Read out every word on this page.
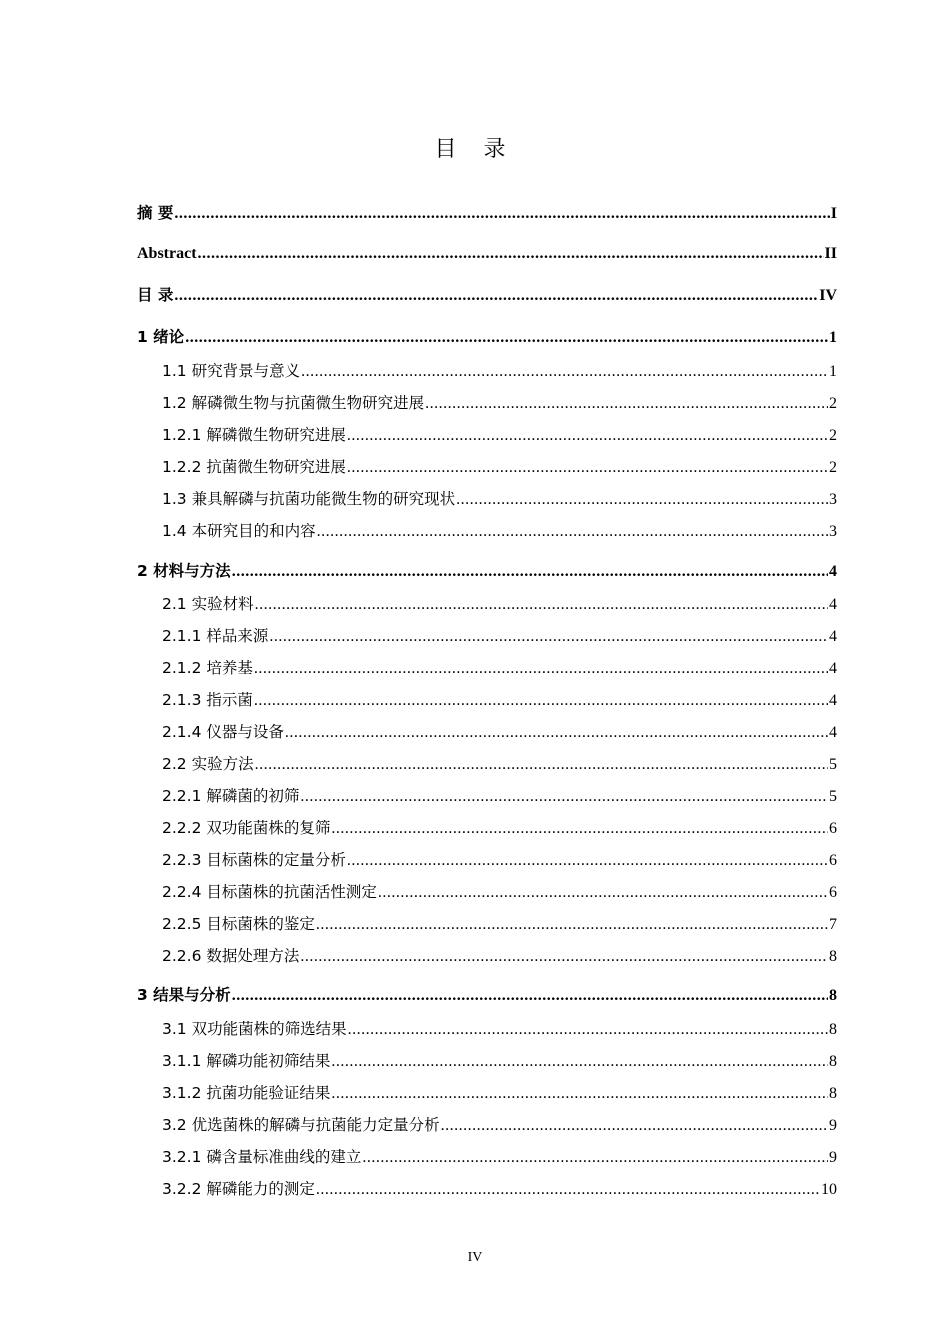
目 录
摘 要 .....	I
Abstract .....	II
目 录 .....	IV
1 绪论 .....	1
1.1 研究背景与意义 .....	1
1.2 解磷微生物与抗菌微生物研究进展 .....	2
1.2.1 解磷微生物研究进展 .....	2
1.2.2 抗菌微生物研究进展 .....	2
1.3 兼具解磷与抗菌功能微生物的研究现状 .....	3
1.4 本研究目的和内容 .....	3
2 材料与方法 .....	4
2.1 实验材料 .....	4
2.1.1 样品来源 .....	4
2.1.2 培养基 .....	4
2.1.3 指示菌 .....	4
2.1.4 仪器与设备 .....	4
2.2 实验方法 .....	5
2.2.1 解磷菌的初筛 .....	5
2.2.2 双功能菌株的复筛 .....	6
2.2.3 目标菌株的定量分析 .....	6
2.2.4 目标菌株的抗菌活性测定 .....	6
2.2.5 目标菌株的鉴定 .....	7
2.2.6 数据处理方法 .....	8
3 结果与分析 .....	8
3.1 双功能菌株的筛选结果 .....	8
3.1.1 解磷功能初筛结果 .....	8
3.1.2 抗菌功能验证结果 .....	8
3.2 优选菌株的解磷与抗菌能力定量分析 .....	9
3.2.1 磷含量标准曲线的建立 .....	9
3.2.2 解磷能力的测定 .....	10
IV
